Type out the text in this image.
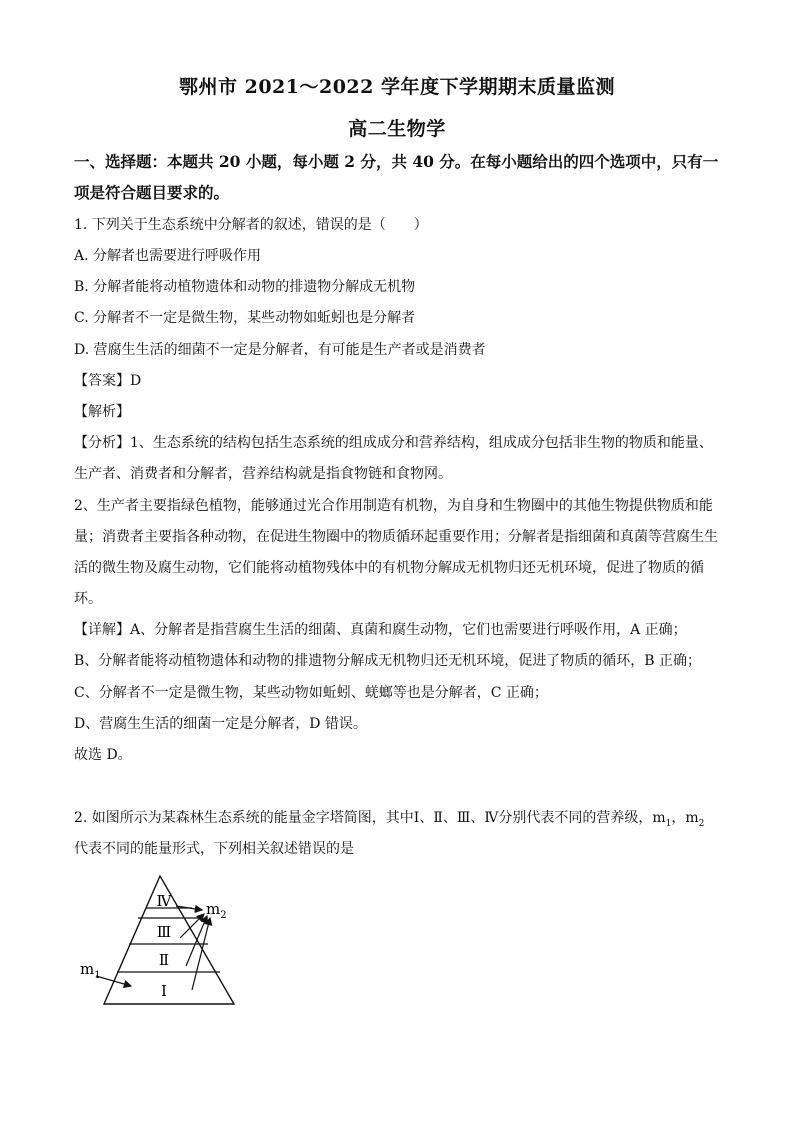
鄂州市 2021～2022 学年度下学期期末质量监测
高二生物学
一、选择题：本题共 20 小题，每小题 2 分，共 40 分。在每小题给出的四个选项中，只有一
项是符合题目要求的。
1. 下列关于生态系统中分解者的叙述，错误的是（　　）
A. 分解者也需要进行呼吸作用
B. 分解者能将动植物遗体和动物的排遗物分解成无机物
C. 分解者不一定是微生物，某些动物如蚯蚓也是分解者
D. 营腐生生活的细菌不一定是分解者，有可能是生产者或是消费者
【答案】D
【解析】
【分析】1、生态系统的结构包括生态系统的组成成分和营养结构，组成成分包括非生物的物质和能量、
生产者、消费者和分解者，营养结构就是指食物链和食物网。
2、生产者主要指绿色植物，能够通过光合作用制造有机物，为自身和生物圈中的其他生物提供物质和能
量；消费者主要指各种动物，在促进生物圈中的物质循环起重要作用；分解者是指细菌和真菌等营腐生生
活的微生物及腐生动物，它们能将动植物残体中的有机物分解成无机物归还无机环境，促进了物质的循
环。
【详解】A、分解者是指营腐生生活的细菌、真菌和腐生动物，它们也需要进行呼吸作用，A 正确；
B、分解者能将动植物遗体和动物的排遗物分解成无机物归还无机环境，促进了物质的循环，B 正确；
C、分解者不一定是微生物，某些动物如蚯蚓、蜣螂等也是分解者，C 正确；
D、营腐生生活的细菌一定是分解者，D 错误。
故选 D。
2. 如图所示为某森林生态系统的能量金字塔简图，其中Ⅰ、Ⅱ、Ⅲ、Ⅳ分别代表不同的营养级，$m_1$，$m_2$
代表不同的能量形式，下列相关叙述错误的是
Ⅳ
Ⅲ
Ⅱ
Ⅰ
$m_2$
$m_1$
